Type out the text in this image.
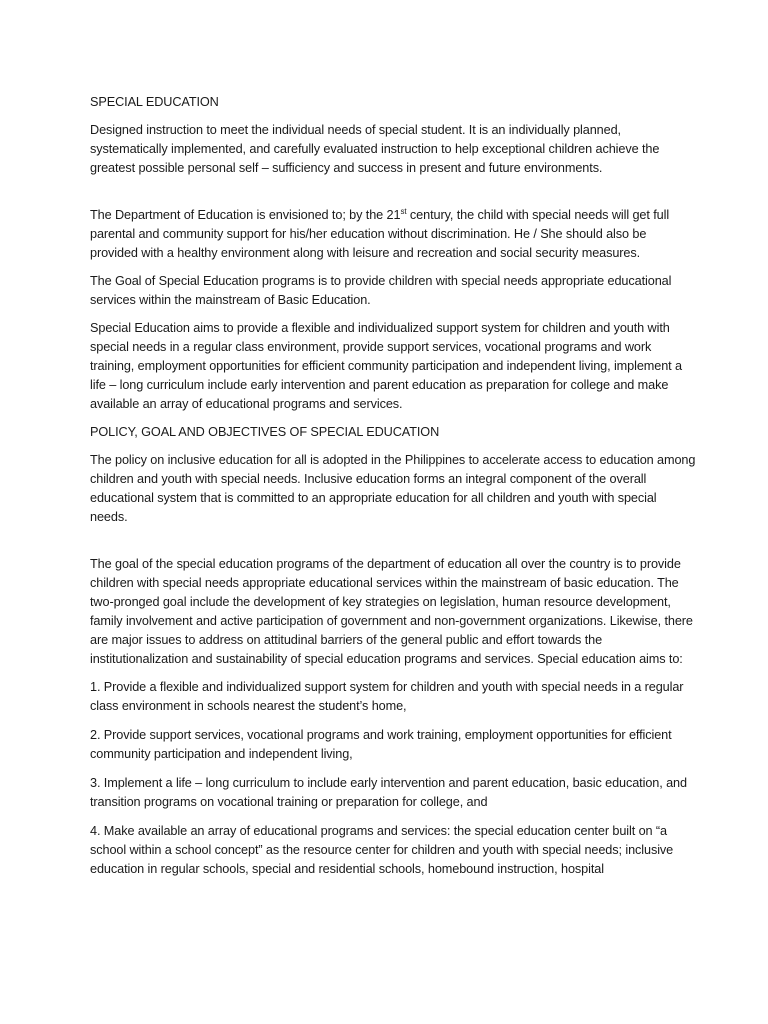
SPECIAL EDUCATION

Designed instruction to meet the individual needs of special student. It is an individually planned, systematically implemented, and carefully evaluated instruction to help exceptional children achieve the greatest possible personal self – sufficiency and success in present and future environments.

The Department of Education is envisioned to; by the 21st century, the child with special needs will get full parental and community support for his/her education without discrimination. He / She should also be provided with a healthy environment along with leisure and recreation and social security measures.

The Goal of Special Education programs is to provide children with special needs appropriate educational services within the mainstream of Basic Education.

Special Education aims to provide a flexible and individualized support system for children and youth with special needs in a regular class environment, provide support services, vocational programs and work training, employment opportunities for efficient community participation and independent living, implement a life – long curriculum include early intervention and parent education as preparation for college and make available an array of educational programs and services.

POLICY, GOAL AND OBJECTIVES OF SPECIAL EDUCATION

The policy on inclusive education for all is adopted in the Philippines to accelerate access to education among children and youth with special needs. Inclusive education forms an integral component of the overall educational system that is committed to an appropriate education for all children and youth with special needs.

The goal of the special education programs of the department of education all over the country is to provide children with special needs appropriate educational services within the mainstream of basic education. The two-pronged goal include the development of key strategies on legislation, human resource development, family involvement and active participation of government and non-government organizations. Likewise, there are major issues to address on attitudinal barriers of the general public and effort towards the institutionalization and sustainability of special education programs and services. Special education aims to:

1. Provide a flexible and individualized support system for children and youth with special needs in a regular class environment in schools nearest the student’s home,

2. Provide support services, vocational programs and work training, employment opportunities for efficient community participation and independent living,

3. Implement a life – long curriculum to include early intervention and parent education, basic education, and transition programs on vocational training or preparation for college, and

4. Make available an array of educational programs and services: the special education center built on “a school within a school concept” as the resource center for children and youth with special needs; inclusive education in regular schools, special and residential schools, homebound instruction, hospital
